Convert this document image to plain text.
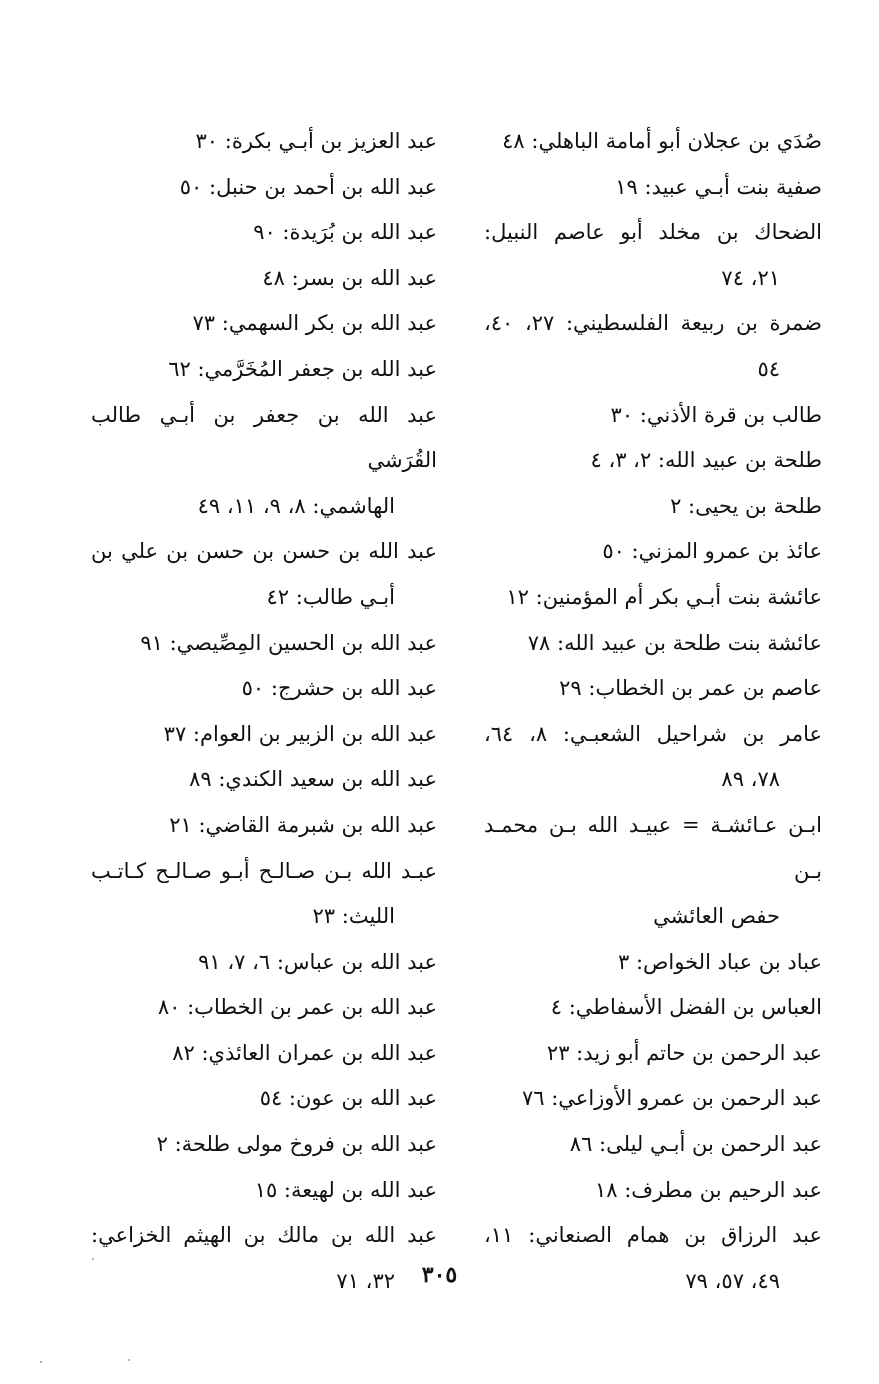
صُدَي بن عجلان أبو أمامة الباهلي: ٤٨
صفية بنت أبـي عبيد: ١٩
الضحاك بن مخلد أبو عاصم النبيل:
٢١، ٧٤
ضمرة بن ربيعة الفلسطيني: ٢٧، ٤٠،
٥٤
طالب بن قرة الأذني: ٣٠
طلحة بن عبيد الله: ٢، ٣، ٤
طلحة بن يحيى: ٢
عائذ بن عمرو المزني: ٥٠
عائشة بنت أبـي بكر أم المؤمنين: ١٢
عائشة بنت طلحة بن عبيد الله: ٧٨
عاصم بن عمر بن الخطاب: ٢٩
عامر بن شراحيل الشعبـي: ٨، ٦٤،
٧٨، ٨٩
ابـن عـائشـة = عبيـد الله بـن محمـد بـن
حفص العائشي
عباد بن عباد الخواص: ٣
العباس بن الفضل الأسفاطي: ٤
عبد الرحمن بن حاتم أبو زيد: ٢٣
عبد الرحمن بن عمرو الأوزاعي: ٧٦
عبد الرحمن بن أبـي ليلى: ٨٦
عبد الرحيم بن مطرف: ١٨
عبد الرزاق بن همام الصنعاني: ١١،
٤٩، ٥٧، ٧٩
عبد العزيز بن أبـي بكرة: ٣٠
عبد الله بن أحمد بن حنبل: ٥٠
عبد الله بن بُرَيدة: ٩٠
عبد الله بن بسر: ٤٨
عبد الله بن بكر السهمي: ٧٣
عبد الله بن جعفر المُخَرَّمي: ٦٢
عبد الله بن جعفر بن أبـي طالب القُرَشي
الهاشمي: ٨، ٩، ١١، ٤٩
عبد الله بن حسن بن حسن بن علي بن
أبـي طالب: ٤٢
عبد الله بن الحسين المِصِّيصي: ٩١
عبد الله بن حشرج: ٥٠
عبد الله بن الزبير بن العوام: ٣٧
عبد الله بن سعيد الكندي: ٨٩
عبد الله بن شبرمة القاضي: ٢١
عبـد الله بـن صـالـح أبـو صـالـح كـاتـب
الليث: ٢٣
عبد الله بن عباس: ٦، ٧، ٩١
عبد الله بن عمر بن الخطاب: ٨٠
عبد الله بن عمران العائذي: ٨٢
عبد الله بن عون: ٥٤
عبد الله بن فروخ مولى طلحة: ٢
عبد الله بن لهيعة: ١٥
عبد الله بن مالك بن الهيثم الخزاعي:
٣٢، ٧١	٣٠٥
